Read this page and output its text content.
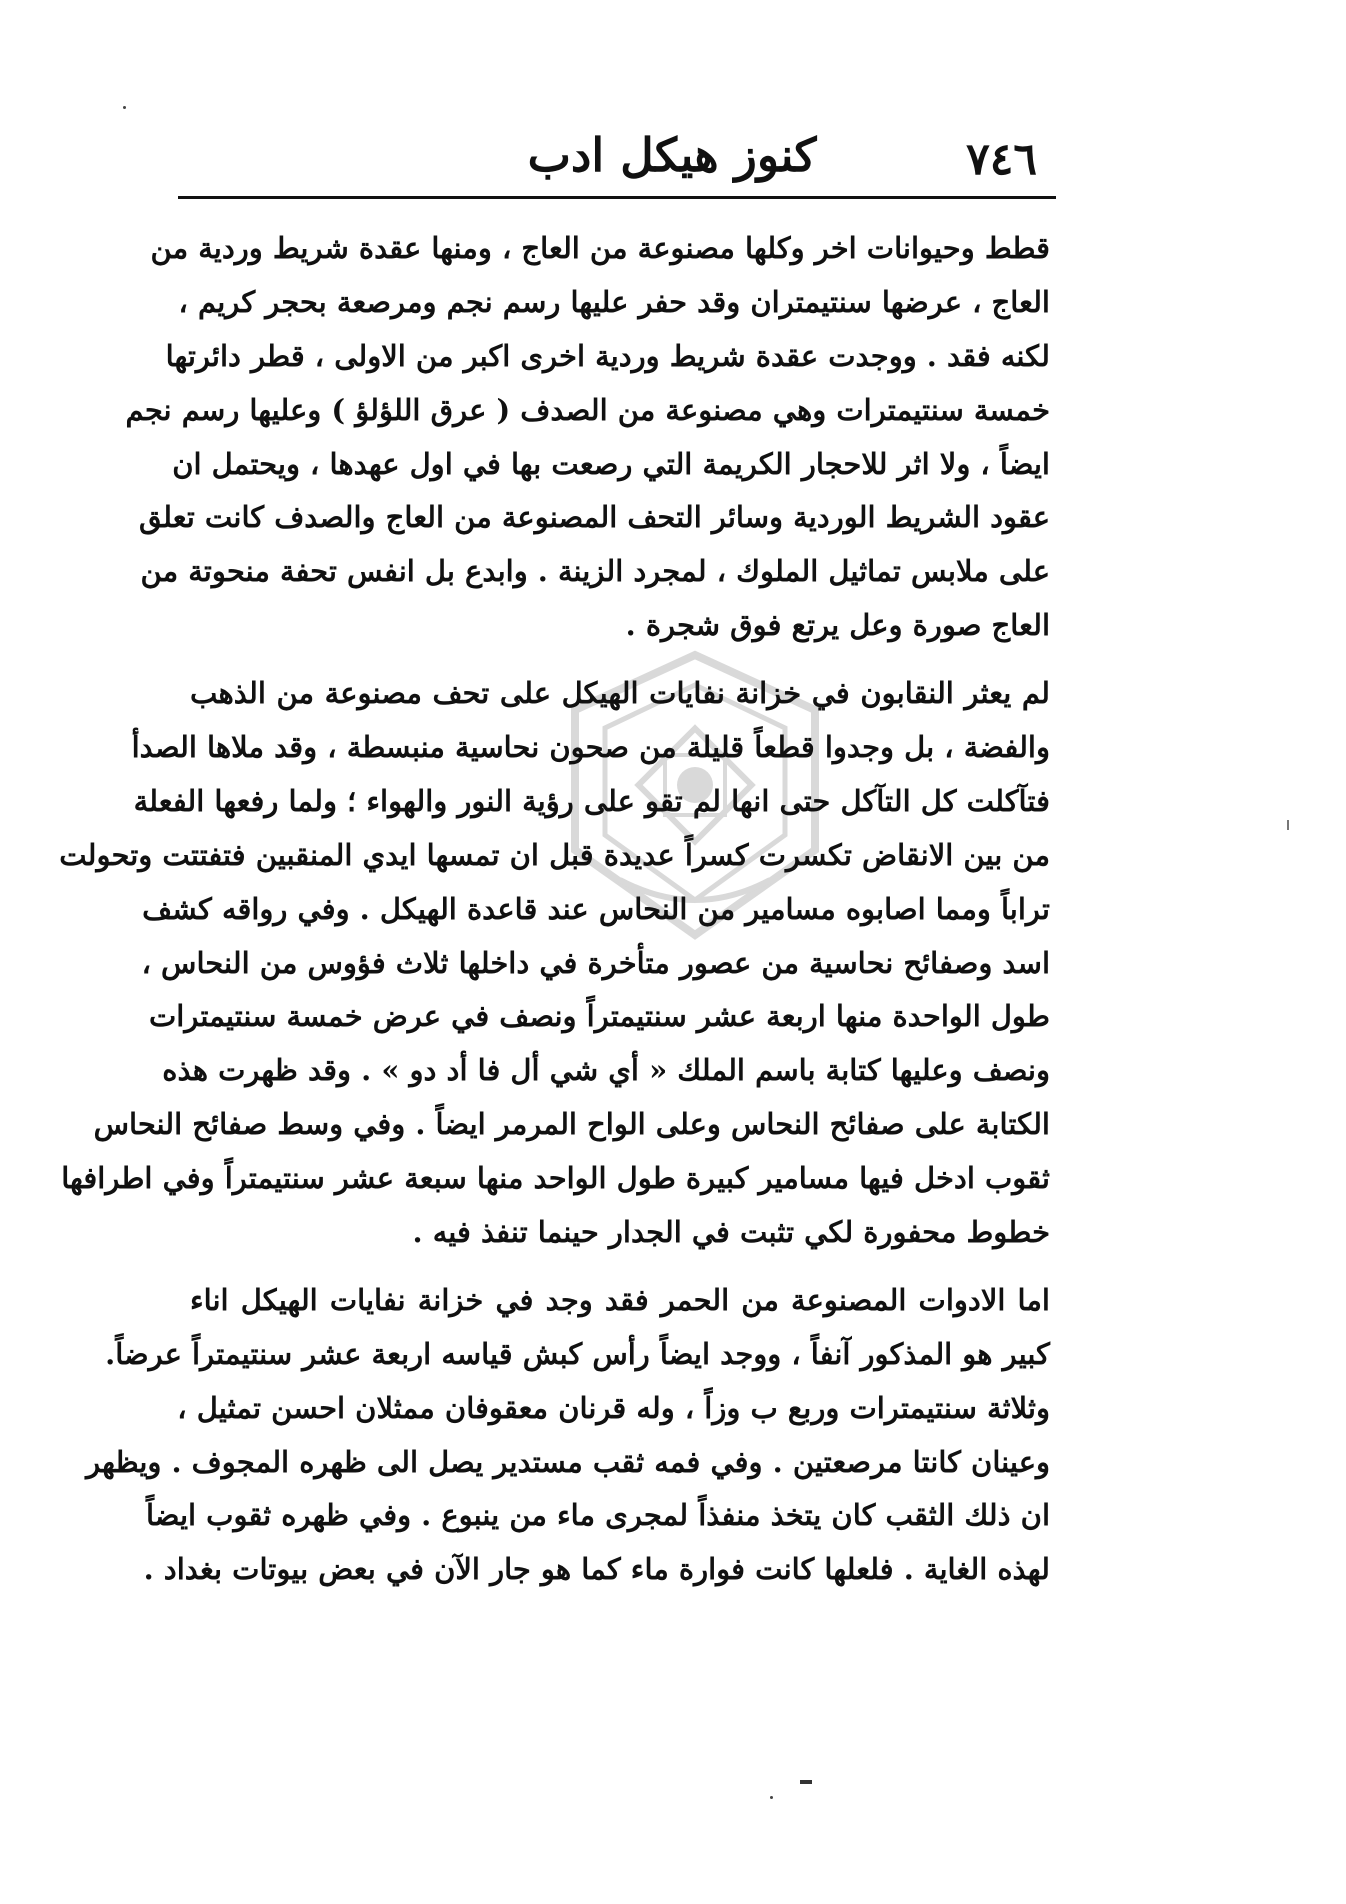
٧٤٦
كنوز هيكل ادب
قطط وحيوانات اخر وكلها مصنوعة من العاج ، ومنها عقدة شريط وردية من
العاج ، عرضها سنتيمتران وقد حفر عليها رسم نجم ومرصعة بحجر كريم ،
لكنه فقد . ووجدت عقدة شريط وردية اخرى اكبر من الاولى ، قطر دائرتها
خمسة سنتيمترات وهي مصنوعة من الصدف ( عرق اللؤلؤ ) وعليها رسم نجم
ايضاً ، ولا اثر للاحجار الكريمة التي رصعت بها في اول عهدها ، ويحتمل ان
عقود الشريط الوردية وسائر التحف المصنوعة من العاج والصدف كانت تعلق
على ملابس تماثيل الملوك ، لمجرد الزينة . وابدع بل انفس تحفة منحوتة من
العاج صورة وعل يرتع فوق شجرة .
لم يعثر النقابون في خزانة نفايات الهيكل على تحف مصنوعة من الذهب
والفضة ، بل وجدوا قطعاً قليلة من صحون نحاسية منبسطة ، وقد ملاها الصدأ
فتآكلت كل التآكل حتى انها لم تقو على رؤية النور والهواء ؛ ولما رفعها الفعلة
من بين الانقاض تكسرت كسراً عديدة قبل ان تمسها ايدي المنقبين فتفتتت وتحولت
تراباً ومما اصابوه مسامير من النحاس عند قاعدة الهيكل . وفي رواقه كشف
اسد وصفائح نحاسية من عصور متأخرة في داخلها ثلاث فؤوس من النحاس ،
طول الواحدة منها اربعة عشر سنتيمتراً ونصف في عرض خمسة سنتيمترات
ونصف وعليها كتابة باسم الملك « أي شي أل فا أد دو » . وقد ظهرت هذه
الكتابة على صفائح النحاس وعلى الواح المرمر ايضاً . وفي وسط صفائح النحاس
ثقوب ادخل فيها مسامير كبيرة طول الواحد منها سبعة عشر سنتيمتراً وفي اطرافها
خطوط محفورة لكي تثبت في الجدار حينما تنفذ فيه .
اما الادوات المصنوعة من الحمر فقد وجد في خزانة نفايات الهيكل اناء
كبير هو المذكور آنفاً ، ووجد ايضاً رأس كبش قياسه اربعة عشر سنتيمتراً عرضاً.
وثلاثة سنتيمترات وربع ب وزاً ، وله قرنان معقوفان ممثلان احسن تمثيل ،
وعينان كانتا مرصعتين . وفي فمه ثقب مستدير يصل الى ظهره المجوف . ويظهر
ان ذلك الثقب كان يتخذ منفذاً لمجرى ماء من ينبوع . وفي ظهره ثقوب ايضاً
لهذه الغاية . فلعلها كانت فوارة ماء كما هو جار الآن في بعض بيوتات بغداد .
